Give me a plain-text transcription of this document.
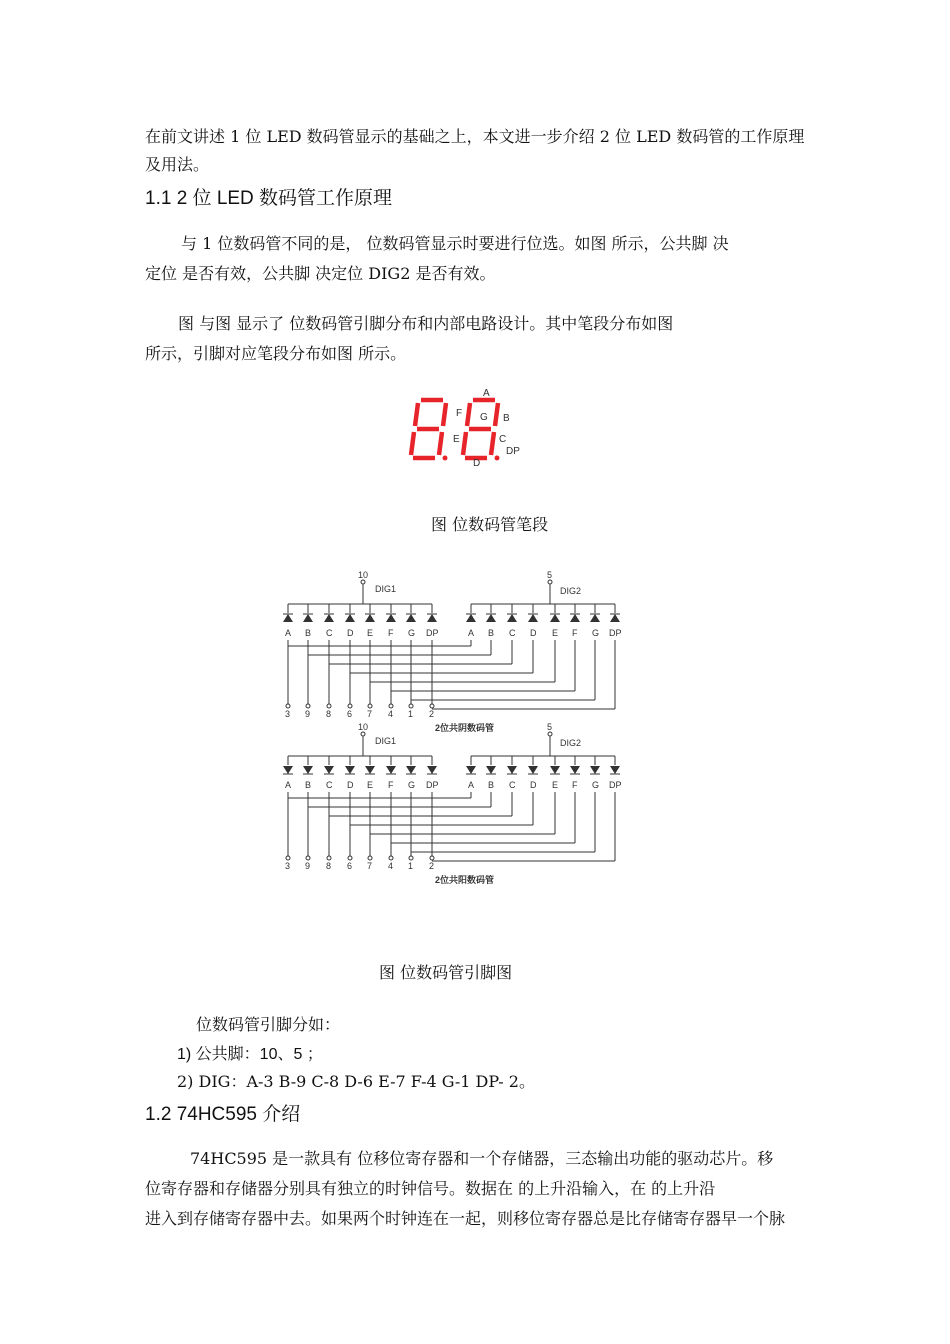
在前文讲述 1 位 LED 数码管显示的基础之上，本文进一步介绍 2 位 LED 数码管的工作原理
及用法。
1.1 2 位 LED 数码管工作原理
与 1 位数码管不同的是， 位数码管显示时要进行位选。如图 所示，公共脚 决
定位 是否有效，公共脚 决定位 DIG2 是否有效。
图 与图 显示了 位数码管引脚分布和内部电路设计。其中笔段分布如图
所示，引脚对应笔段分布如图 所示。
A
F G B
E	C
DP
D
图 位数码管笔段
10	5
DIG1	DIG2
A B C D E F G DP	A B C D E F G DP
3 9 8 6 7 4 1 2
2位共阴数码管
10	5
DIG1	DIG2
A B C D E F G DP	A B C D E F G DP
3 9 8 6 7 4 1 2
2位共阳数码管
图 位数码管引脚图
位数码管引脚分如：
1) 公共脚：10、5 ；
2) DIG：A-3 B-9 C-8 D-6 E-7 F-4 G-1 DP- 2。
1.2 74HC595 介绍
74HC595 是一款具有 位移位寄存器和一个存储器，三态输出功能的驱动芯片。移
位寄存器和存储器分别具有独立的时钟信号。数据在 的上升沿输入，在 的上升沿
进入到存储寄存器中去。如果两个时钟连在一起，则移位寄存器总是比存储寄存器早一个脉
